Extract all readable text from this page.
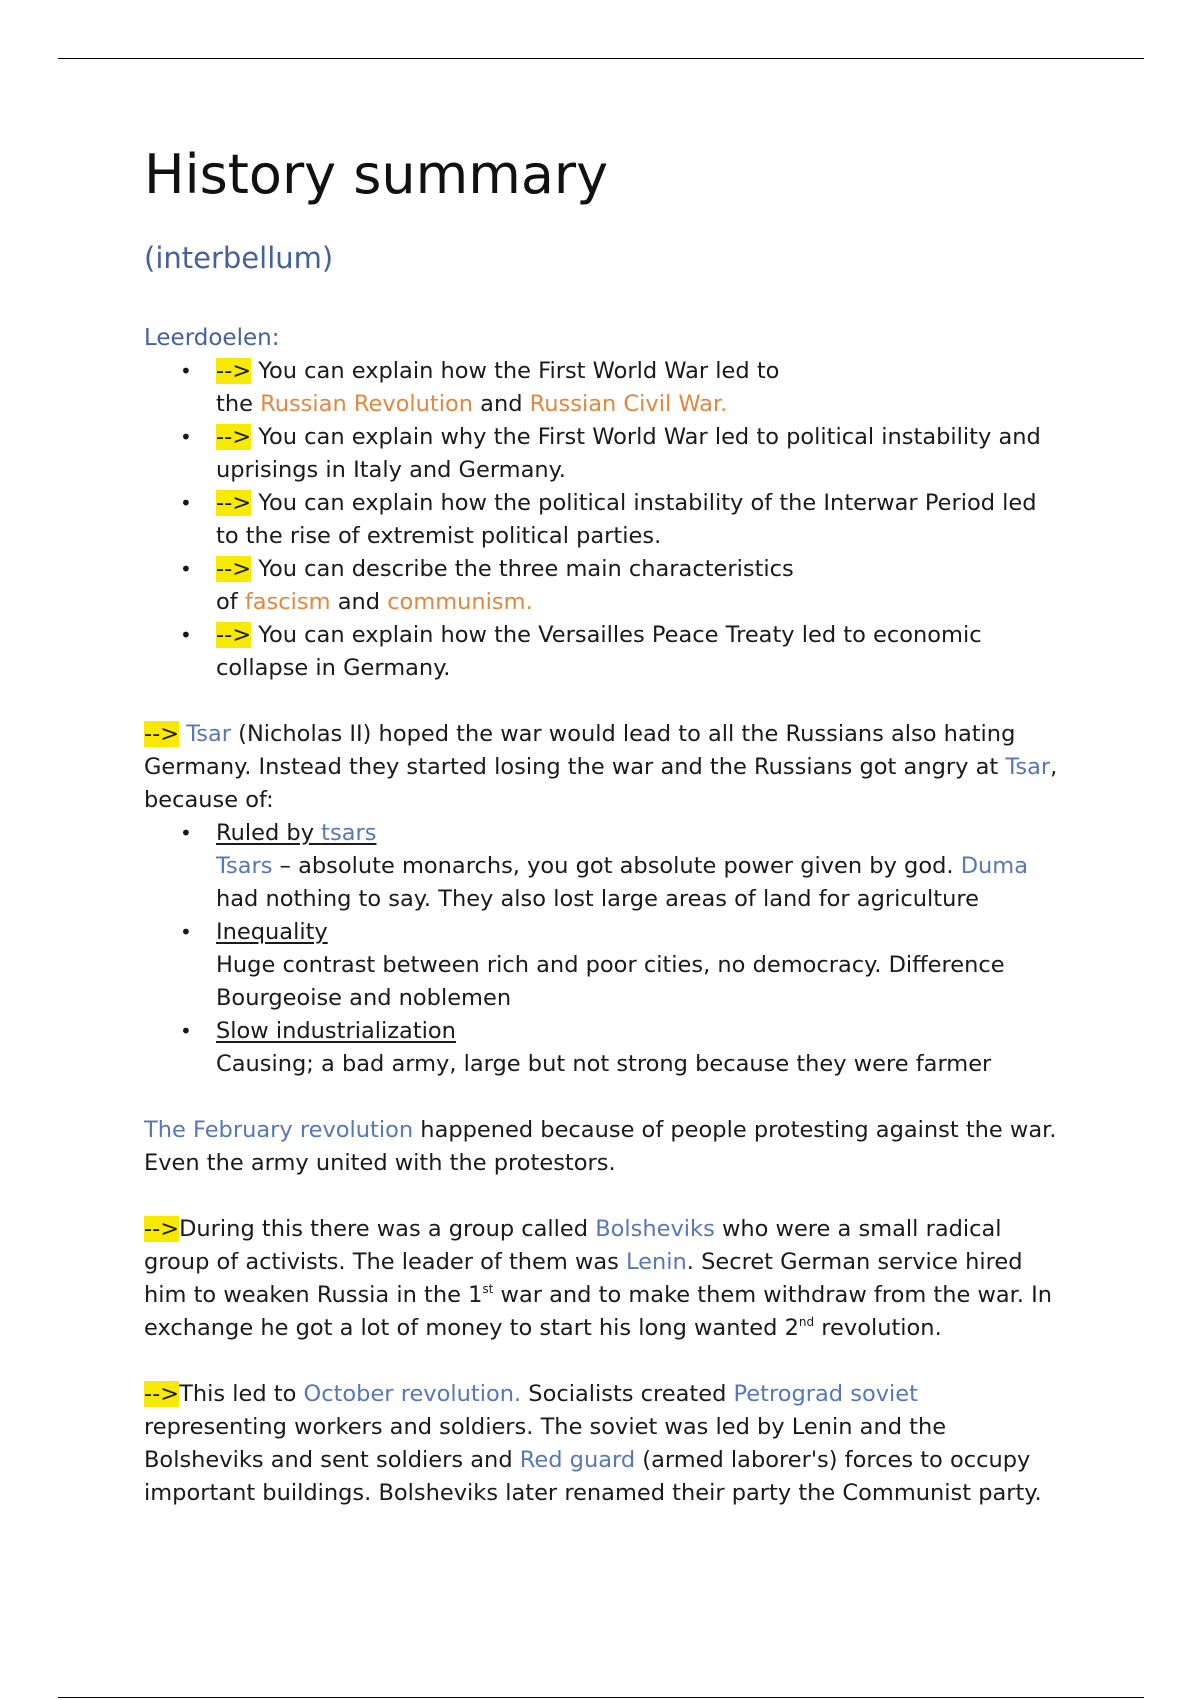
History summary
(interbellum)
Leerdoelen:
• --> You can explain how the First World War led to
the Russian Revolution and Russian Civil War.
• --> You can explain why the First World War led to political instability and
uprisings in Italy and Germany.
• --> You can explain how the political instability of the Interwar Period led
to the rise of extremist political parties.
• --> You can describe the three main characteristics
of fascism and communism.
• --> You can explain how the Versailles Peace Treaty led to economic
collapse in Germany.

--> Tsar (Nicholas II) hoped the war would lead to all the Russians also hating
Germany. Instead they started losing the war and the Russians got angry at Tsar,
because of:

• Ruled by tsars
Tsars – absolute monarchs, you got absolute power given by god. Duma
had nothing to say. They also lost large areas of land for agriculture
• Inequality
Huge contrast between rich and poor cities, no democracy. Difference
Bourgeoise and noblemen
• Slow industrialization
Causing; a bad army, large but not strong because they were farmer

The February revolution happened because of people protesting against the war.
Even the army united with the protestors.

-->During this there was a group called Bolsheviks who were a small radical
group of activists. The leader of them was Lenin. Secret German service hired
him to weaken Russia in the 1st war and to make them withdraw from the war. In
exchange he got a lot of money to start his long wanted 2nd revolution.

-->This led to October revolution. Socialists created Petrograd soviet
representing workers and soldiers. The soviet was led by Lenin and the
Bolsheviks and sent soldiers and Red guard (armed laborer's) forces to occupy
important buildings. Bolsheviks later renamed their party the Communist party.
